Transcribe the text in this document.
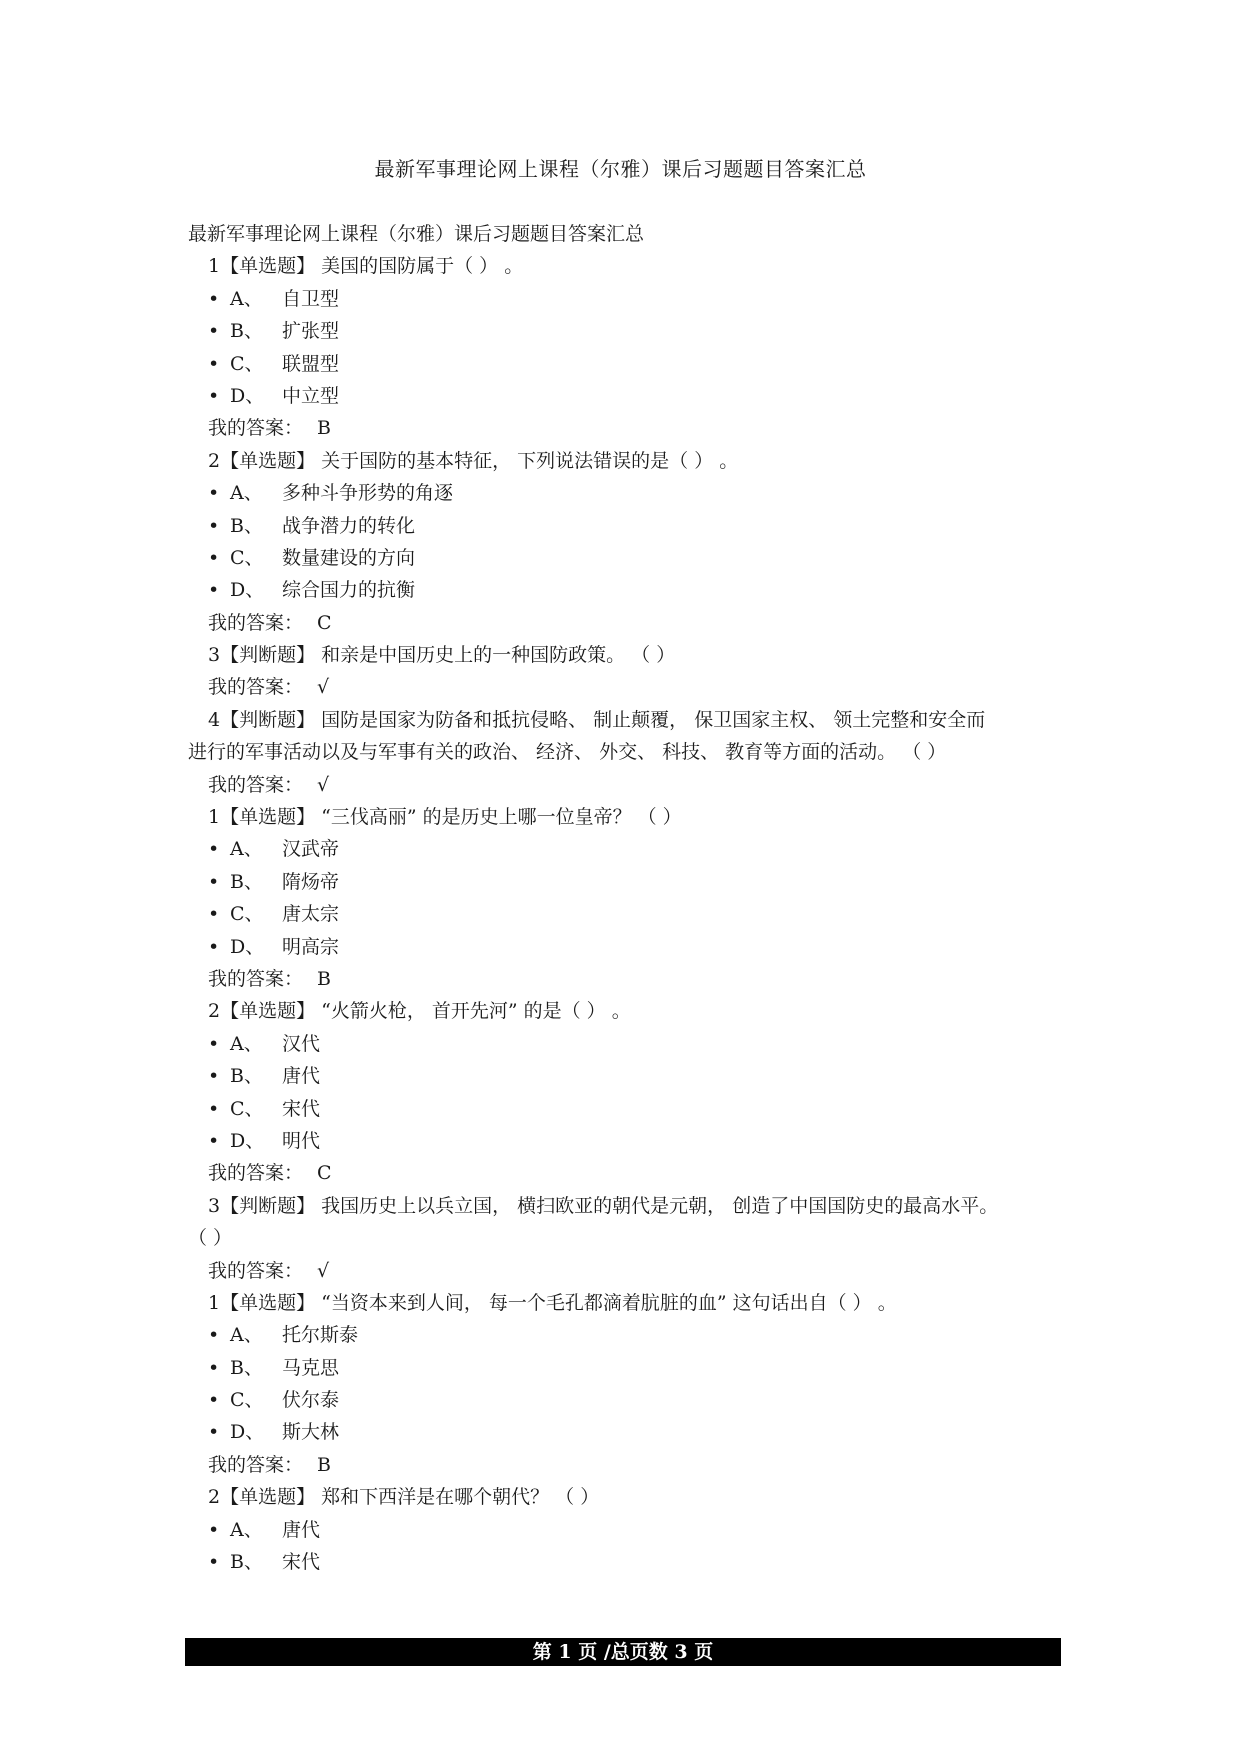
最新军事理论网上课程（尔雅）课后习题题目答案汇总
最新军事理论网上课程（尔雅）课后习题题目答案汇总
1【单选题】 美国的国防属于（ ） 。
• A、 自卫型
• B、 扩张型
• C、 联盟型
• D、 中立型
我的答案： B
2【单选题】 关于国防的基本特征， 下列说法错误的是（ ） 。
• A、 多种斗争形势的角逐
• B、 战争潜力的转化
• C、 数量建设的方向
• D、 综合国力的抗衡
我的答案： C
3【判断题】 和亲是中国历史上的一种国防政策。 （ ）
我的答案： √
4【判断题】 国防是国家为防备和抵抗侵略、 制止颠覆， 保卫国家主权、 领土完整和安全而
进行的军事活动以及与军事有关的政治、 经济、 外交、 科技、 教育等方面的活动。 （ ）
我的答案： √
1【单选题】 “三伐高丽” 的是历史上哪一位皇帝？ （ ）
• A、 汉武帝
• B、 隋炀帝
• C、 唐太宗
• D、 明高宗
我的答案： B
2【单选题】 “火箭火枪， 首开先河” 的是（ ） 。
• A、 汉代
• B、 唐代
• C、 宋代
• D、 明代
我的答案： C
3【判断题】 我国历史上以兵立国， 横扫欧亚的朝代是元朝， 创造了中国国防史的最高水平。
（ ）
我的答案： √
1【单选题】 “当资本来到人间， 每一个毛孔都滴着肮脏的血” 这句话出自（ ） 。
• A、 托尔斯泰
• B、 马克思
• C、 伏尔泰
• D、 斯大林
我的答案： B
2【单选题】 郑和下西洋是在哪个朝代？ （ ）
• A、 唐代
• B、 宋代
第 1 页 /总页数 3 页
